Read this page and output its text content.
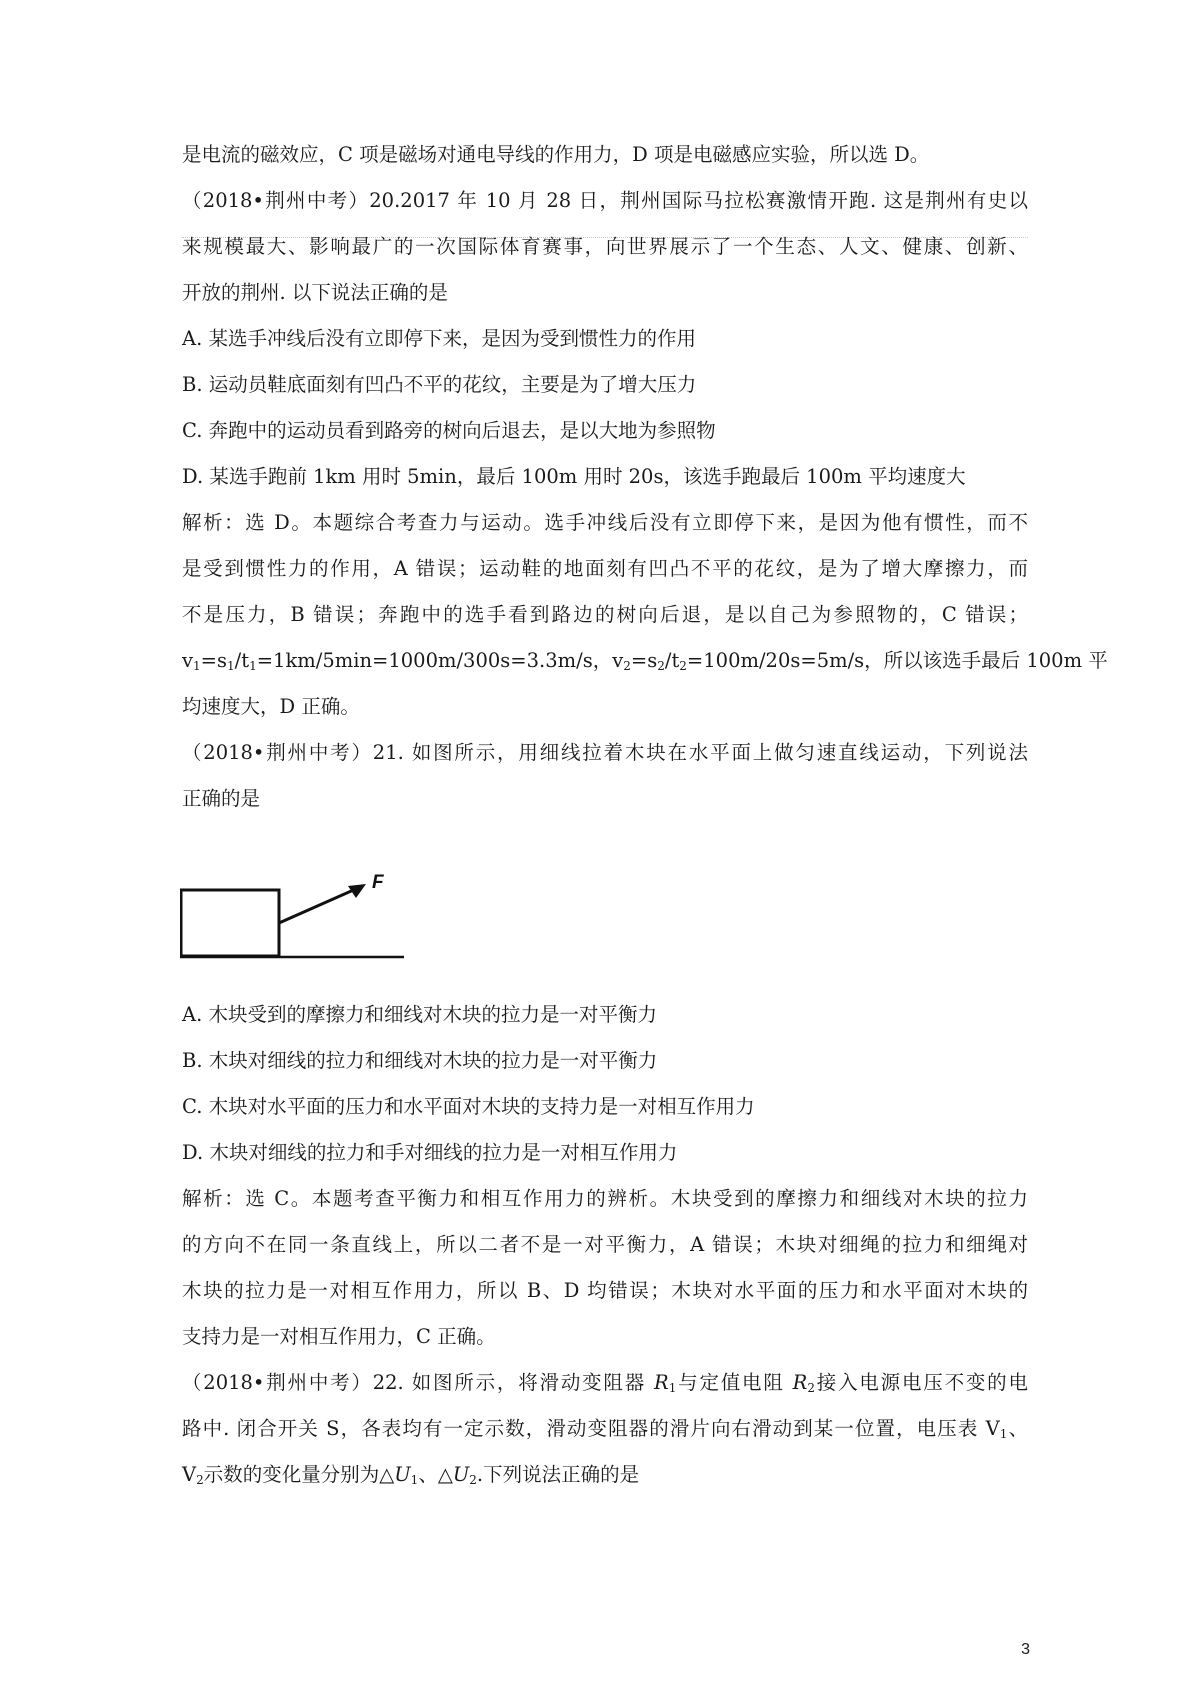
是电流的磁效应，C 项是磁场对通电导线的作用力，D 项是电磁感应实验，所以选 D。
（2018•荆州中考）20.2017 年 10 月 28 日，荆州国际马拉松赛激情开跑. 这是荆州有史以
来规模最大、影响最广的一次国际体育赛事，向世界展示了一个生态、人文、健康、创新、
开放的荆州. 以下说法正确的是
A. 某选手冲线后没有立即停下来，是因为受到惯性力的作用
B. 运动员鞋底面刻有凹凸不平的花纹，主要是为了增大压力
C. 奔跑中的运动员看到路旁的树向后退去，是以大地为参照物
D. 某选手跑前 1km 用时 5min，最后 100m 用时 20s，该选手跑最后 100m 平均速度大
解析：选 D。本题综合考查力与运动。选手冲线后没有立即停下来，是因为他有惯性，而不
是受到惯性力的作用，A 错误；运动鞋的地面刻有凹凸不平的花纹，是为了增大摩擦力，而
不是压力，B 错误；奔跑中的选手看到路边的树向后退，是以自己为参照物的，C 错误；
$v_1=s_1/t_1=1km/5\min=1000m/300s=3.3m/s$，$v_2=s_2/t_2=100m/20s=5m/s$，所以该选手最后 100m 平
均速度大，D 正确。
（2018•荆州中考）21. 如图所示，用细线拉着木块在水平面上做匀速直线运动，下列说法
正确的是
F
A. 木块受到的摩擦力和细线对木块的拉力是一对平衡力
B. 木块对细线的拉力和细线对木块的拉力是一对平衡力
C. 木块对水平面的压力和水平面对木块的支持力是一对相互作用力
D. 木块对细线的拉力和手对细线的拉力是一对相互作用力
解析：选 C。本题考查平衡力和相互作用力的辨析。木块受到的摩擦力和细线对木块的拉力
的方向不在同一条直线上，所以二者不是一对平衡力，A 错误；木块对细绳的拉力和细绳对
木块的拉力是一对相互作用力，所以 B、D 均错误；木块对水平面的压力和水平面对木块的
支持力是一对相互作用力，C 正确。
（2018•荆州中考）22. 如图所示，将滑动变阻器 $R_1$与定值电阻 $R_2$接入电源电压不变的电
路中. 闭合开关 S，各表均有一定示数，滑动变阻器的滑片向右滑动到某一位置，电压表 $V_1$、
$V_2$示数的变化量分别为$\triangle U_1$、$\triangle U_2$.下列说法正确的是
3
